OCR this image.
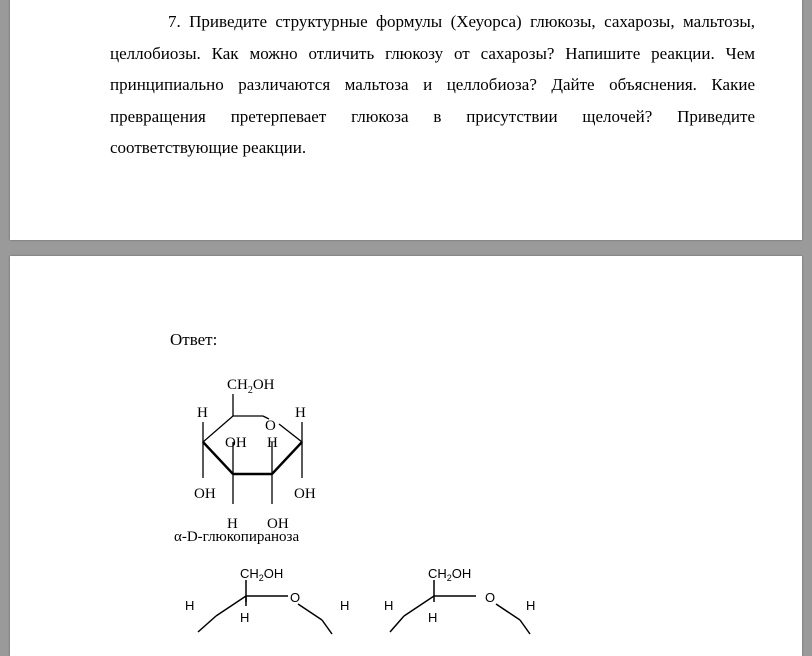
7. Приведите структурные формулы (Хеуорса) глюкозы, сахарозы, мальтозы, целлобиозы. Как можно отличить глюкозу от сахарозы? Напишите реакции. Чем принципиально различаются мальтоза и целлобиоза? Дайте объяснения. Какие превращения претерпевает глюкоза в присутствии щелочей? Приведите соответствующие реакции.

Ответ:

$CH_2OH$
H
O
H
OH H
OH	OH
H OH

α-D-глюкопираноза

$CH_2OH$
H
O
H
H
$CH_2OH$
H
O
H
H
